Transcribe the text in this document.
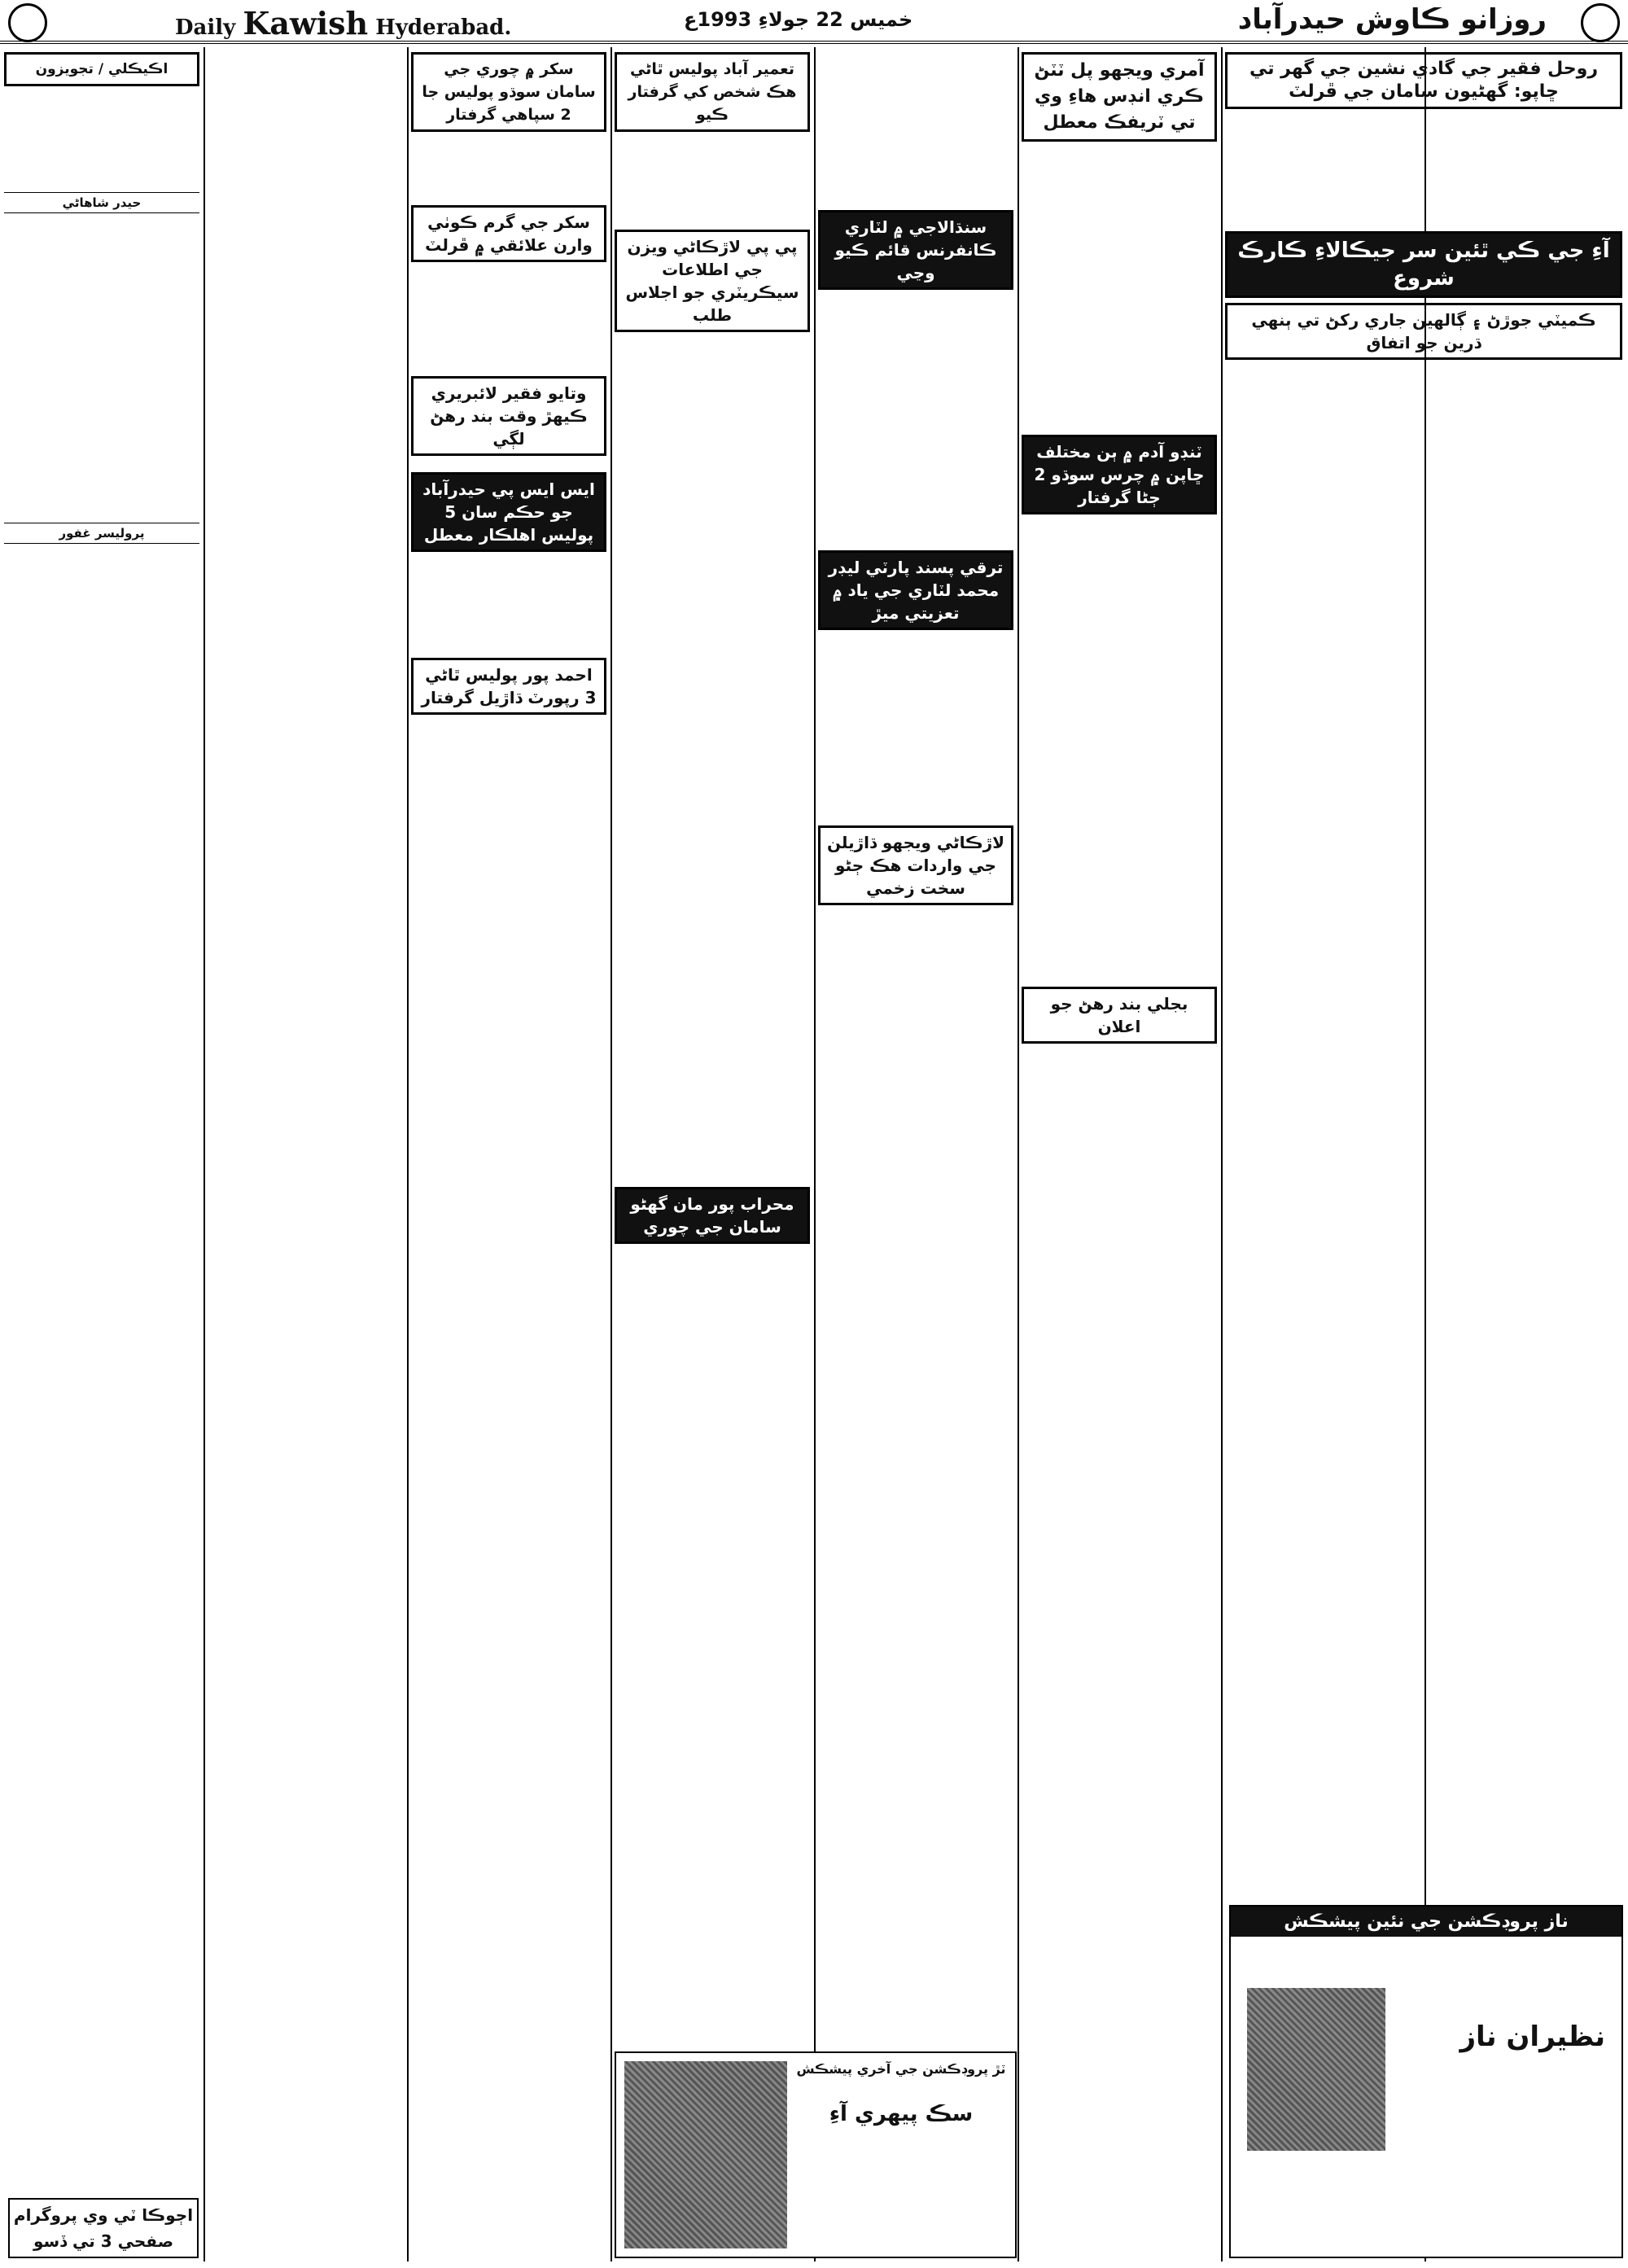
Daily Kawish Hyderabad.	خميس 22 جولاءِ 1993ع	روزانو ڪاوش حيدرآباد
روحل فقير جي گادي نشين جي گهر تي ڇاپو: گهڻيون سامان جي ڦرلٽ
آءِ جي ڪي ٿئين سر جيڪالاءِ ڪارڪ شروع
ڪميٽي جوڙڻ ۽ ڳالهين جاري رکڻ تي ٻنهي ڌرين جو اتفاق
آمري ويجهو پل ٽٽڻ ڪري انڊس هاءِ وي تي ٽريفڪ معطل
ٽنڊو آدم ۾ ٻن مختلف ڇاپن ۾ چرس سوڌو 2 ڄڻا گرفتار
بجلي بند رهڻ جو اعلان
سنڌالاجي ۾ لٽاري ڪانفرنس قائم ڪيو وڃي
ترقي پسند پارٽي ليڊر محمد لٽاري جي ياد ۾ تعزيتي ميڙ
لاڙڪاڻي ويجهو ڌاڙيلن جي واردات هڪ ڄڻو سخت زخمي
تعمير آباد پوليس ٿاڻي هڪ شخص کي گرفتار ڪيو
پي پي لاڙڪاڻي ويزن جي اطلاعات سيڪريٽري جو اجلاس طلب
محراب پور مان گهڻو سامان جي چوري
سکر ۾ چوري جي سامان سوڌو پوليس جا 2 سپاهي گرفتار
سکر جي گرم ڪوٺي وارن علائقي ۾ ڦرلٽ
وتايو فقير لائبريري ڪيهڙ وقت بند رهڻ لڳي
ايس ايس پي حيدرآباد جو حڪم سان 5 پوليس اهلڪار معطل
احمد پور پوليس ٿاڻي 3 رپورٽ ڌاڙيل گرفتار
اڪيڪلي / تجويزون
حيدر شاهاڻي
پروليسر غفور
اڄوڪا ٽي وي پروگرام صفحي 3 تي ڏسو
ناز پروڊڪشن جي نئين پيشڪش
نظيران ناز
ٽڙ پروڊڪشن جي آخري پيشڪش
سڪ پيهري آءِ
